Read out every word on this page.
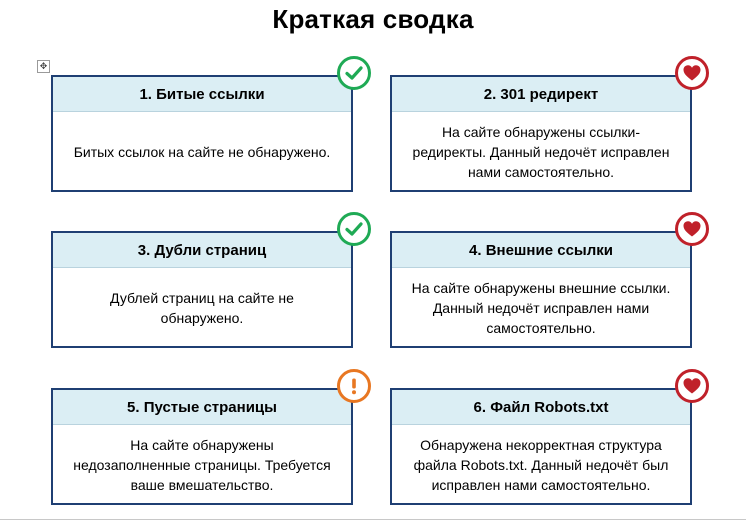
Краткая сводка
✥
1. Битые ссылки
Битых ссылок на сайте не обнаружено.
2. 301 редирект
На сайте обнаружены ссылки-редиректы. Данный недочёт исправлен нами самостоятельно.
3. Дубли страниц
Дублей страниц на сайте не обнаружено.
4. Внешние ссылки
На сайте обнаружены внешние ссылки. Данный недочёт исправлен нами самостоятельно.
5. Пустые страницы
На сайте обнаружены недозаполненные страницы. Требуется ваше вмешательство.
6. Файл Robots.txt
Обнаружена некорректная структура файла Robots.txt. Данный недочёт был исправлен нами самостоятельно.
